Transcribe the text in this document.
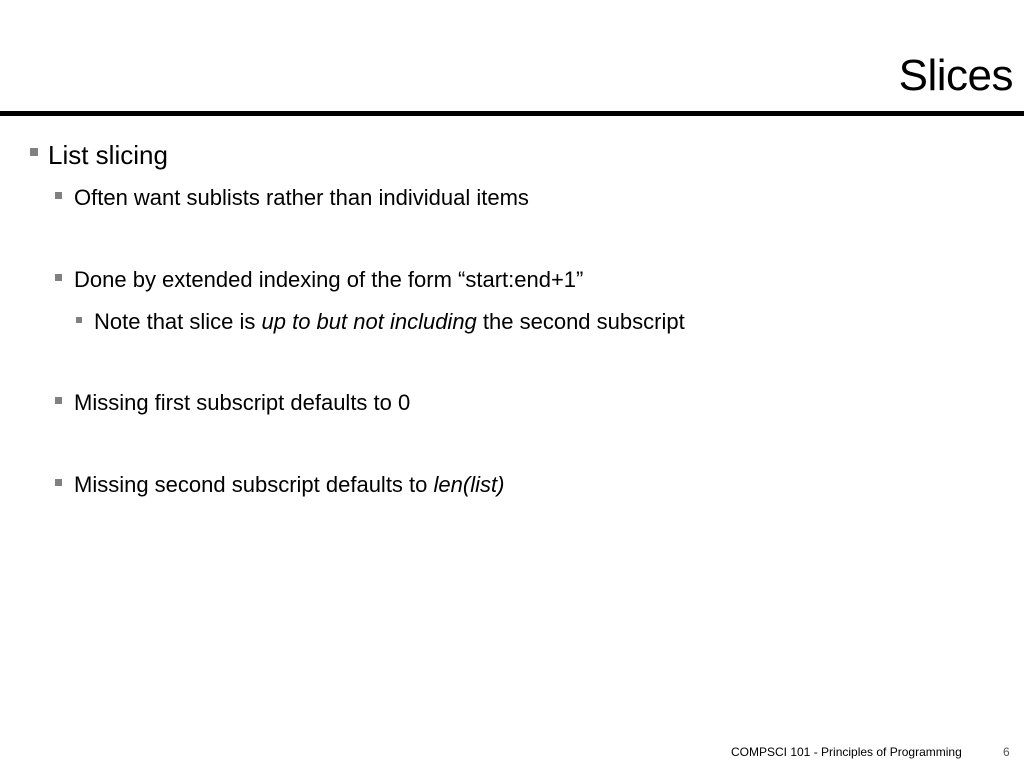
Slices
List slicing
Often want sublists rather than individual items
Done by extended indexing of the form “start:end+1”
Note that slice is up to but not including the second subscript
Missing first subscript defaults to 0
Missing second subscript defaults to len(list)
COMPSCI 101 - Principles of Programming	6
